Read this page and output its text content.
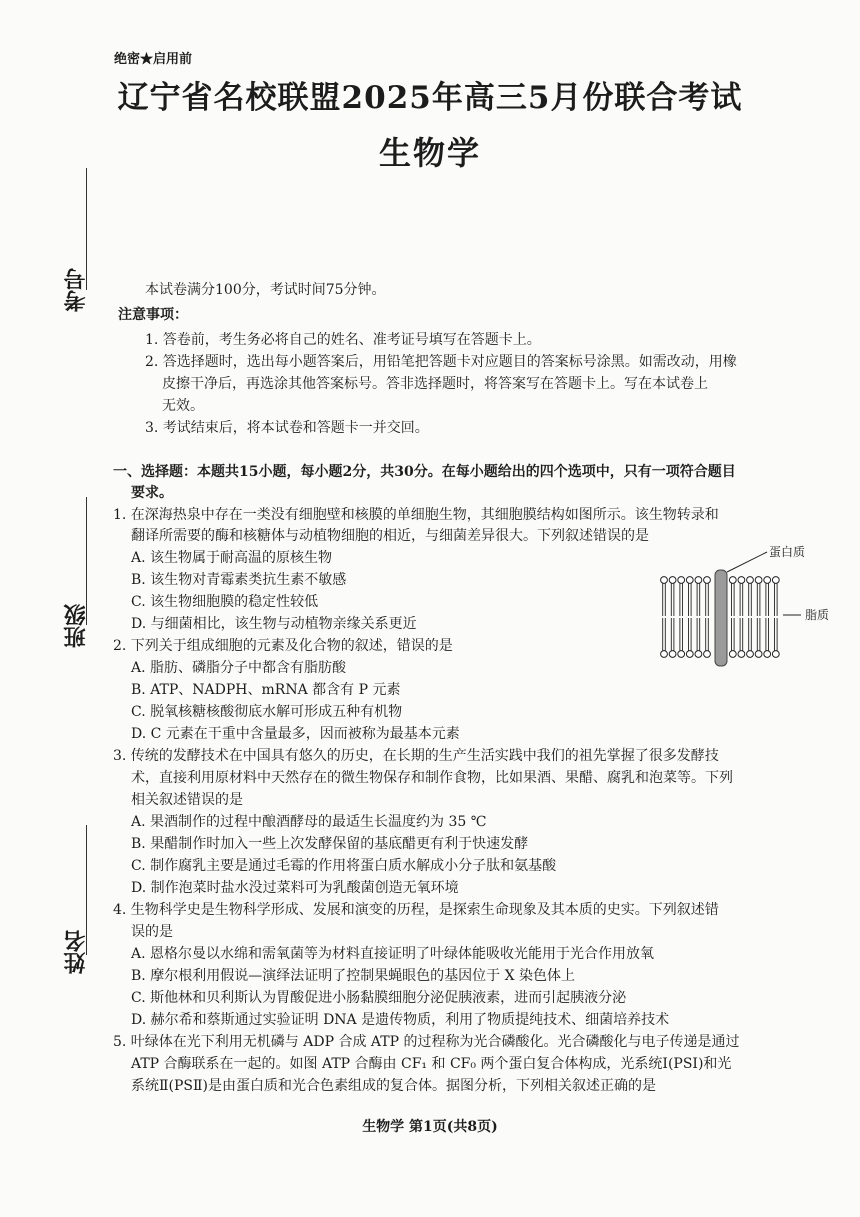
绝密★启用前
辽宁省名校联盟2025年高三5月份联合考试
生物学
考号
班级
姓名
本试卷满分100分，考试时间75分钟。
注意事项：
1. 答卷前，考生务必将自己的姓名、准考证号填写在答题卡上。
2. 答选择题时，选出每小题答案后，用铅笔把答题卡对应题目的答案标号涂黑。如需改动，用橡
皮擦干净后，再选涂其他答案标号。答非选择题时，将答案写在答题卡上。写在本试卷上
无效。
3. 考试结束后，将本试卷和答题卡一并交回。
一、选择题：本题共15小题，每小题2分，共30分。在每小题给出的四个选项中，只有一项符合题目
要求。
1. 在深海热泉中存在一类没有细胞壁和核膜的单细胞生物，其细胞膜结构如图所示。该生物转录和
翻译所需要的酶和核糖体与动植物细胞的相近，与细菌差异很大。下列叙述错误的是
A. 该生物属于耐高温的原核生物
B. 该生物对青霉素类抗生素不敏感
C. 该生物细胞膜的稳定性较低
D. 与细菌相比，该生物与动植物亲缘关系更近
蛋白质
脂质
2. 下列关于组成细胞的元素及化合物的叙述，错误的是
A. 脂肪、磷脂分子中都含有脂肪酸
B. ATP、NADPH、mRNA 都含有 P 元素
C. 脱氧核糖核酸彻底水解可形成五种有机物
D. C 元素在干重中含量最多，因而被称为最基本元素
3. 传统的发酵技术在中国具有悠久的历史，在长期的生产生活实践中我们的祖先掌握了很多发酵技
术，直接利用原材料中天然存在的微生物保存和制作食物，比如果酒、果醋、腐乳和泡菜等。下列
相关叙述错误的是
A. 果酒制作的过程中酿酒酵母的最适生长温度约为 35 ℃
B. 果醋制作时加入一些上次发酵保留的基底醋更有利于快速发酵
C. 制作腐乳主要是通过毛霉的作用将蛋白质水解成小分子肽和氨基酸
D. 制作泡菜时盐水没过菜料可为乳酸菌创造无氧环境
4. 生物科学史是生物科学形成、发展和演变的历程，是探索生命现象及其本质的史实。下列叙述错
误的是
A. 恩格尔曼以水绵和需氧菌等为材料直接证明了叶绿体能吸收光能用于光合作用放氧
B. 摩尔根利用假说—演绎法证明了控制果蝇眼色的基因位于 X 染色体上
C. 斯他林和贝利斯认为胃酸促进小肠黏膜细胞分泌促胰液素，进而引起胰液分泌
D. 赫尔希和蔡斯通过实验证明 DNA 是遗传物质，利用了物质提纯技术、细菌培养技术
5. 叶绿体在光下利用无机磷与 ADP 合成 ATP 的过程称为光合磷酸化。光合磷酸化与电子传递是通过
ATP 合酶联系在一起的。如图 ATP 合酶由 CF₁ 和 CF₀ 两个蛋白复合体构成，光系统Ⅰ(PSⅠ)和光
系统Ⅱ(PSⅡ)是由蛋白质和光合色素组成的复合体。据图分析，下列相关叙述正确的是
生物学 第1页(共8页)
